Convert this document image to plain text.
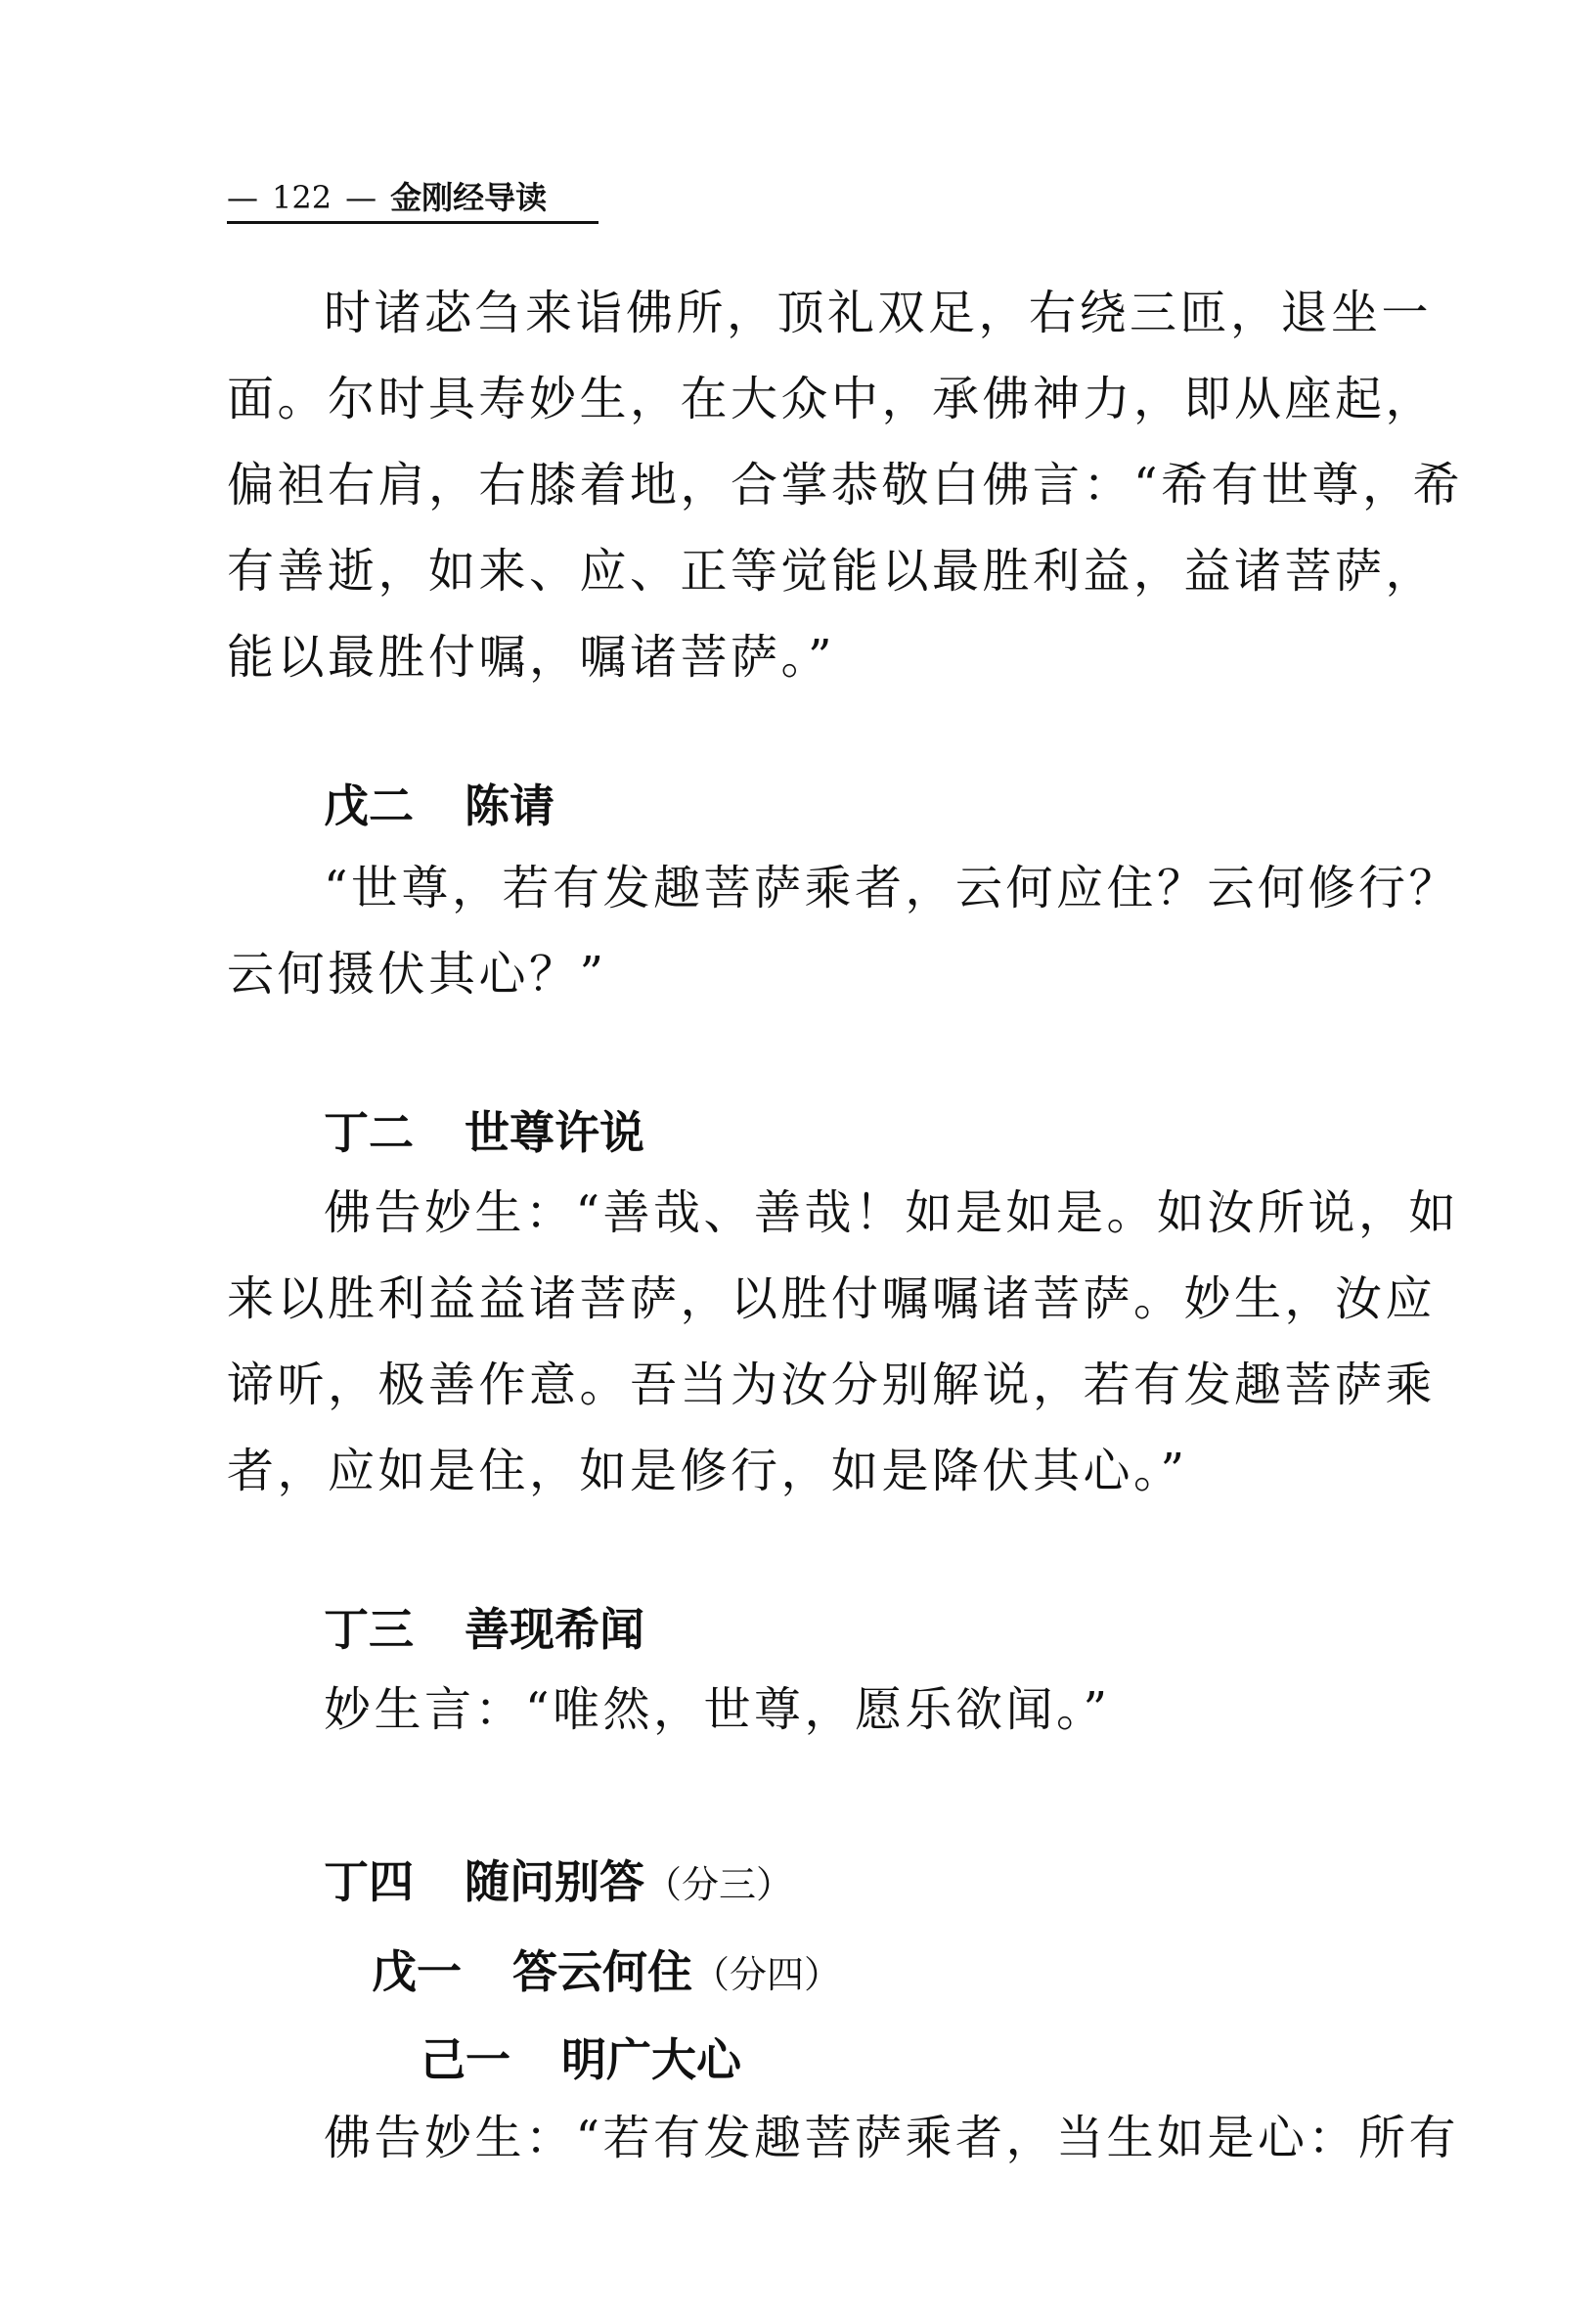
— 122 — 金刚经导读
时诸苾刍来诣佛所，顶礼双足，右绕三匝，退坐一
面。尔时具寿妙生，在大众中，承佛神力，即从座起，
偏袒右肩，右膝着地，合掌恭敬白佛言：“希有世尊，希
有善逝，如来、应、正等觉能以最胜利益，益诸菩萨，
能以最胜付嘱，嘱诸菩萨。”
戊二 陈请
“世尊，若有发趣菩萨乘者，云何应住？云何修行？
云何摄伏其心？”
丁二 世尊许说
佛告妙生：“善哉、善哉！如是如是。如汝所说，如
来以胜利益益诸菩萨，以胜付嘱嘱诸菩萨。妙生，汝应
谛听，极善作意。吾当为汝分别解说，若有发趣菩萨乘
者，应如是住，如是修行，如是降伏其心。”
丁三 善现希闻
妙生言：“唯然，世尊，愿乐欲闻。”
丁四 随问别答（分三）
戊一 答云何住（分四）
己一 明广大心
佛告妙生：“若有发趣菩萨乘者，当生如是心：所有
